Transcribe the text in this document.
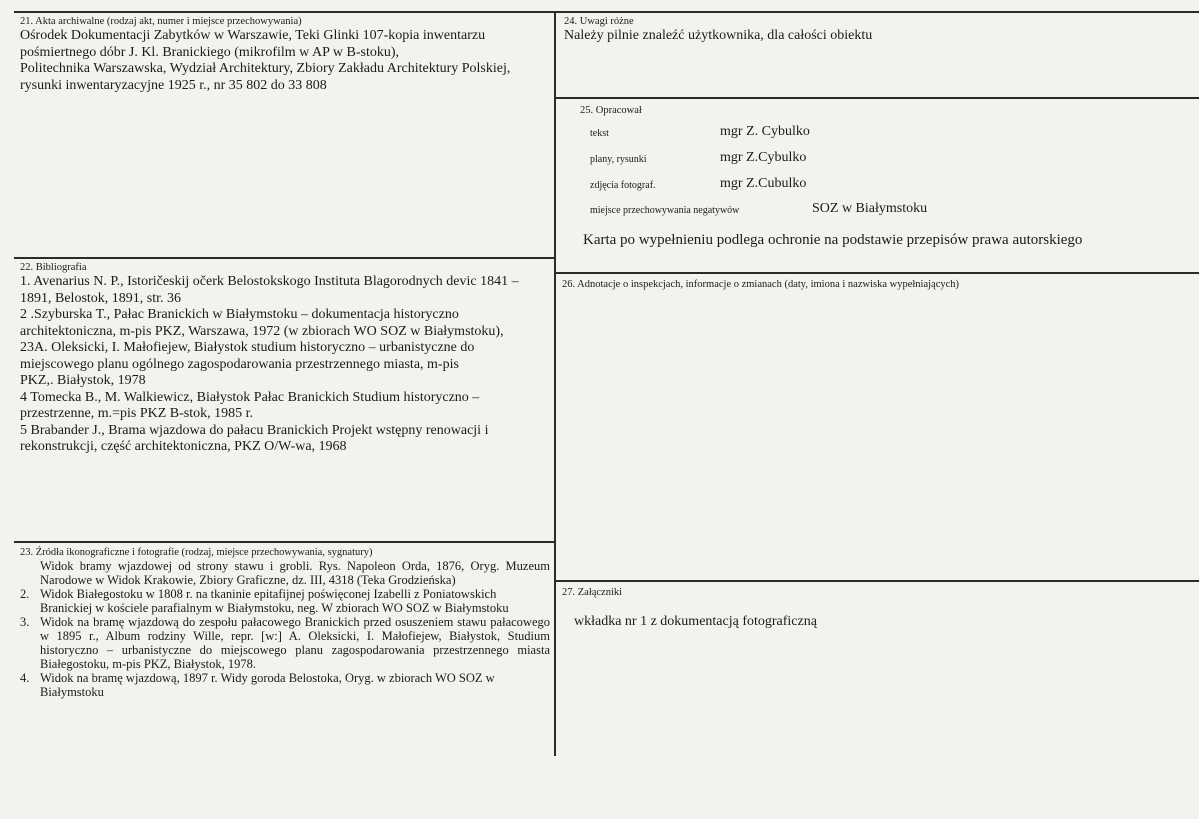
21. Akta archiwalne (rodzaj akt, numer i miejsce przechowywania)
Ośrodek Dokumentacji Zabytków w Warszawie, Teki Glinki 107-kopia inwentarzu
pośmiertnego dóbr J. Kl. Branickiego (mikrofilm w AP w B-stoku),
Politechnika Warszawska, Wydział Architektury, Zbiory Zakładu Architektury Polskiej,
rysunki inwentaryzacyjne 1925 r., nr 35 802 do 33 808
22. Bibliografia
1. Avenarius N. P., Istoričeskij očerk Belostokskogo Instituta Blagorodnych devic 1841 –
1891, Belostok, 1891, str. 36
2 .Szyburska T., Pałac Branickich w Białymstoku – dokumentacja historyczno
architektoniczna, m-pis PKZ, Warszawa, 1972 (w zbiorach WO SOZ w Białymstoku),
23A. Oleksicki, I. Małofiejew, Białystok studium historyczno – urbanistyczne do
miejscowego planu ogólnego zagospodarowania przestrzennego miasta, m-pis
PKZ,. Białystok, 1978
4 Tomecka B., M. Walkiewicz, Białystok Pałac Branickich Studium historyczno –
przestrzenne, m.=pis PKZ B-stok, 1985 r.
5 Brabander J., Brama wjazdowa do pałacu Branickich Projekt wstępny renowacji i
rekonstrukcji, część architektoniczna, PKZ O/W-wa, 1968
23. Źródła ikonograficzne i fotografie (rodzaj, miejsce przechowywania, sygnatury)
Widok bramy wjazdowej od strony stawu i grobli. Rys. Napoleon Orda, 1876, Oryg. Muzeum Narodowe w Widok Krakowie, Zbiory Graficzne, dz. III, 4318 (Teka Grodzieńska)
2. Widok Białegostoku w 1808 r. na tkaninie epitafijnej poświęconej Izabelli z Poniatowskich Branickiej w kościele parafialnym w Białymstoku, neg. W zbiorach WO SOZ w Białymstoku
3. Widok na bramę wjazdową do zespołu pałacowego Branickich przed osuszeniem stawu pałacowego w 1895 r., Album rodziny Wille, repr. [w:] A. Oleksicki, I. Małofiejew, Białystok, Studium historyczno – urbanistyczne do miejscowego planu zagospodarowania przestrzennego miasta Białegostoku, m-pis PKZ, Białystok, 1978.
4. Widok na bramę wjazdową, 1897 r. Widy goroda Belostoka, Oryg. w zbiorach WO SOZ w Białymstoku
24. Uwagi różne
Należy pilnie znaleźć użytkownika, dla całości obiektu
25. Opracował
tekst	mgr Z. Cybulko
plany, rysunki	mgr Z.Cybulko
zdjęcia fotograf.	mgr Z.Cubulko
miejsce przechowywania negatywów	SOZ w Białymstoku
Karta po wypełnieniu podlega ochronie na podstawie przepisów prawa autorskiego
26. Adnotacje o inspekcjach, informacje o zmianach (daty, imiona i nazwiska wypełniających)
27. Załączniki
wkładka nr 1 z dokumentacją fotograficzną
